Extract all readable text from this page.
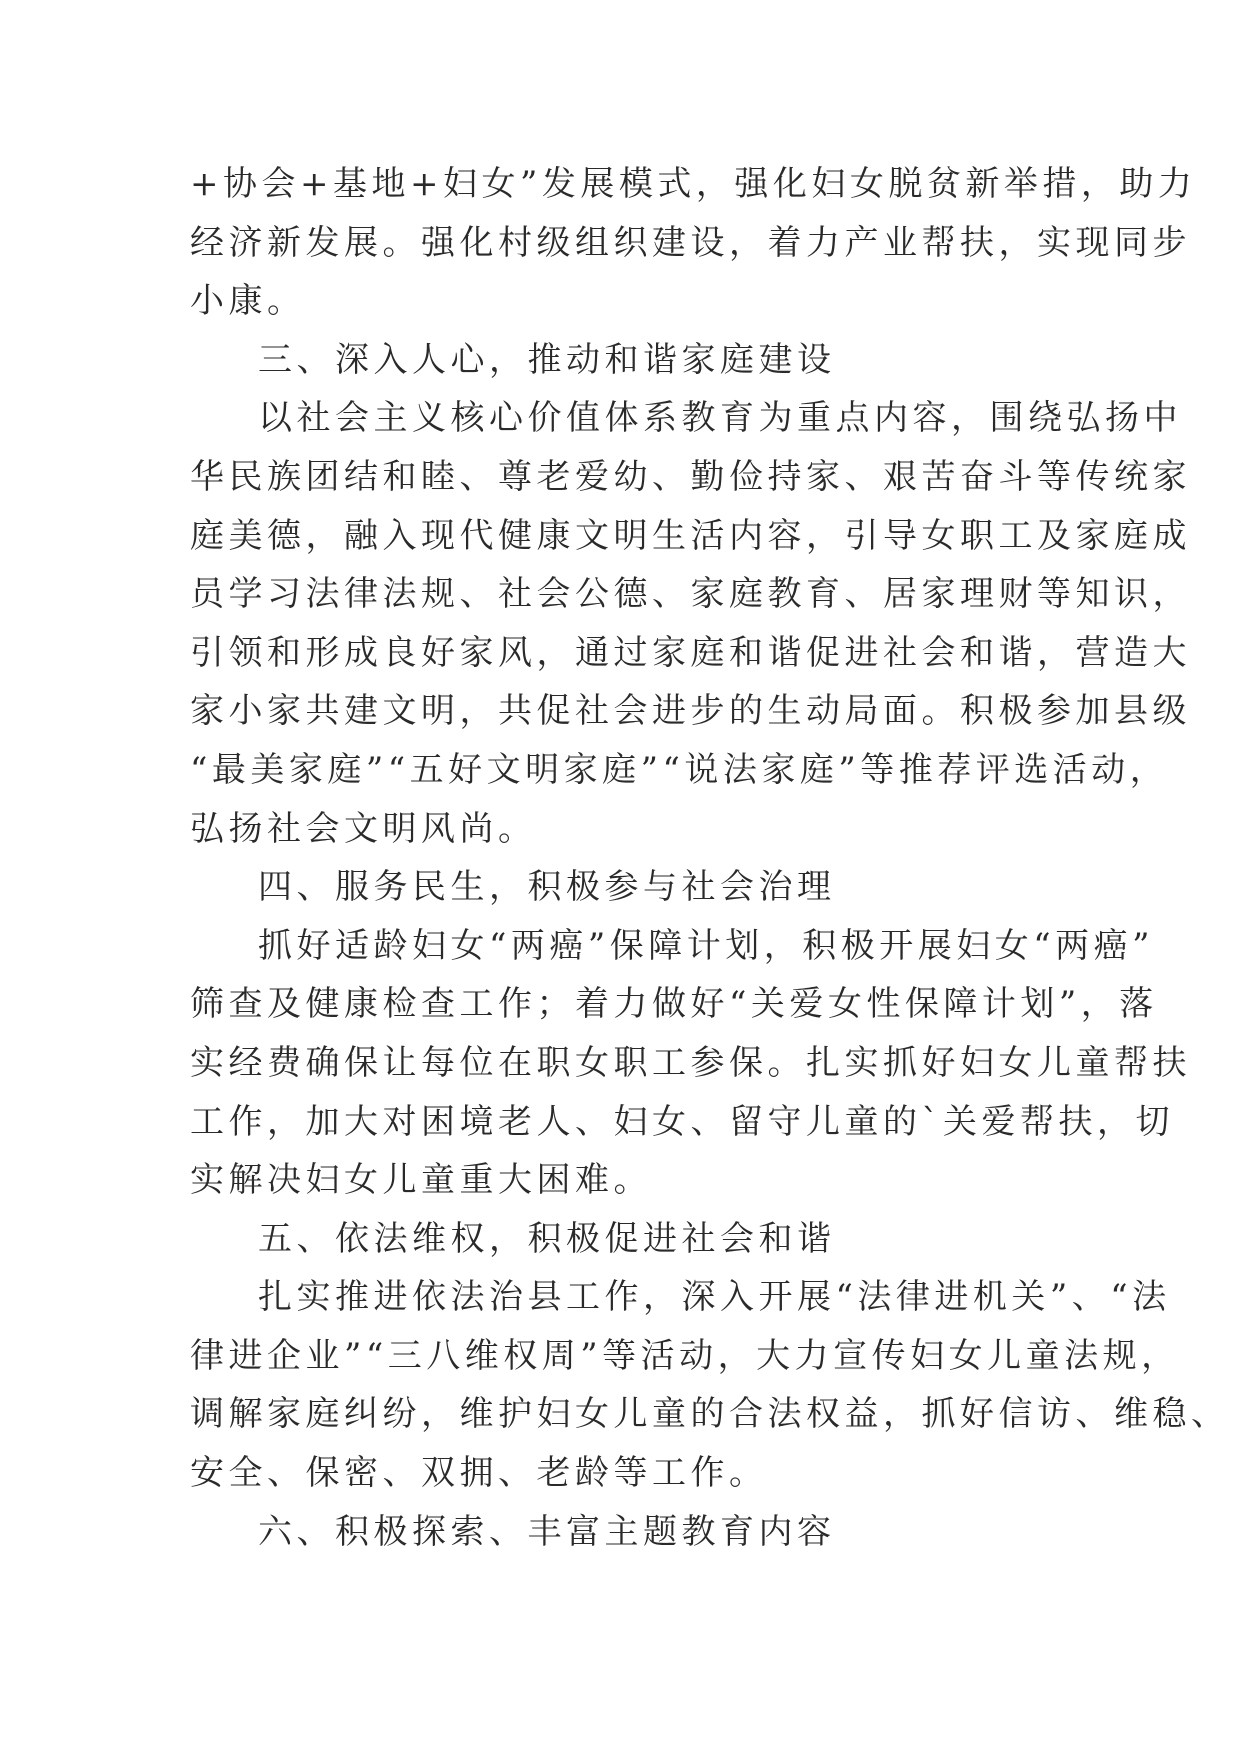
+协会+基地+妇女”发展模式，强化妇女脱贫新举措，助力
经济新发展。强化村级组织建设，着力产业帮扶，实现同步
小康。
三、深入人心，推动和谐家庭建设
以社会主义核心价值体系教育为重点内容，围绕弘扬中
华民族团结和睦、尊老爱幼、勤俭持家、艰苦奋斗等传统家
庭美德，融入现代健康文明生活内容，引导女职工及家庭成
员学习法律法规、社会公德、家庭教育、居家理财等知识，
引领和形成良好家风，通过家庭和谐促进社会和谐，营造大
家小家共建文明，共促社会进步的生动局面。积极参加县级
“最美家庭”“五好文明家庭”“说法家庭”等推荐评选活动，
弘扬社会文明风尚。
四、服务民生，积极参与社会治理
抓好适龄妇女“两癌”保障计划，积极开展妇女“两癌”
筛查及健康检查工作；着力做好“关爱女性保障计划”，落
实经费确保让每位在职女职工参保。扎实抓好妇女儿童帮扶
工作，加大对困境老人、妇女、留守儿童的`关爱帮扶，切
实解决妇女儿童重大困难。
五、依法维权，积极促进社会和谐
扎实推进依法治县工作，深入开展“法律进机关”、“法
律进企业”“三八维权周”等活动，大力宣传妇女儿童法规，
调解家庭纠纷，维护妇女儿童的合法权益，抓好信访、维稳、
安全、保密、双拥、老龄等工作。
六、积极探索、丰富主题教育内容
